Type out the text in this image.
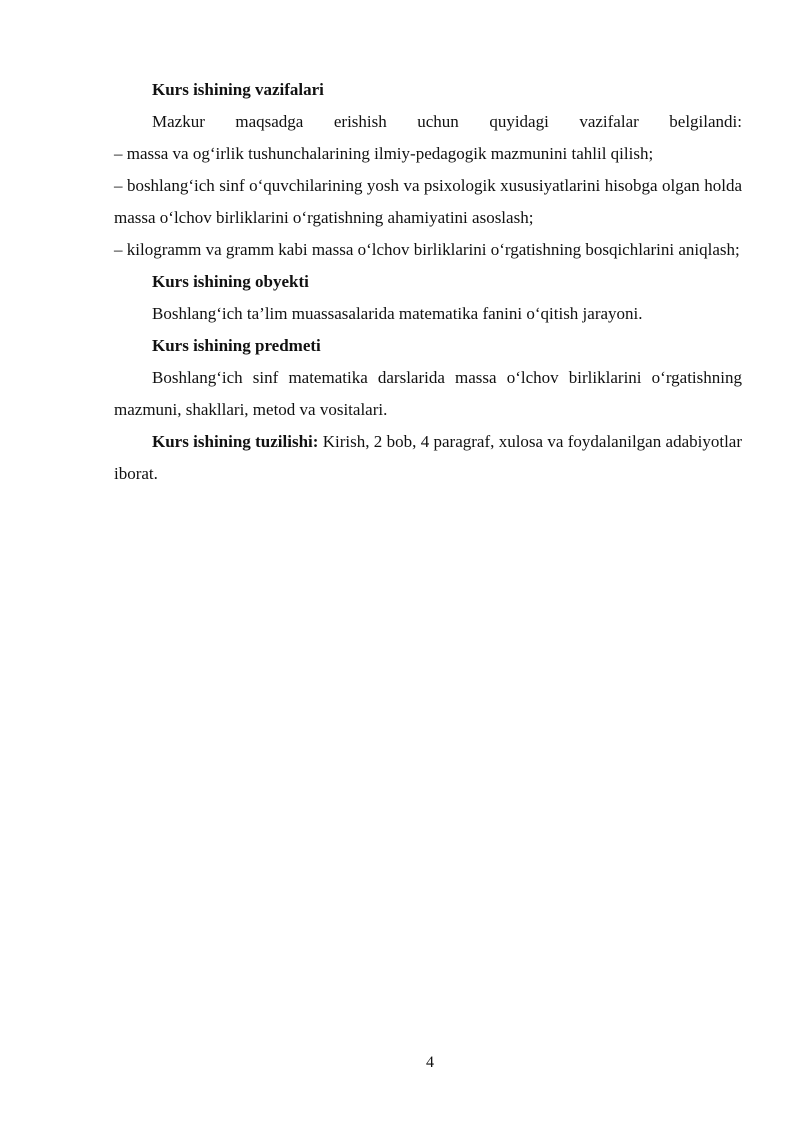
Kurs ishining vazifalari

Mazkur maqsadga erishish uchun quyidagi vazifalar belgilandi:

– massa va og‘irlik tushunchalarining ilmiy-pedagogik mazmunini tahlil qilish;

– boshlang‘ich sinf o‘quvchilarining yosh va psixologik xususiyatlarini hisobga olgan holda massa o‘lchov birliklarini o‘rgatishning ahamiyatini asoslash;

– kilogramm va gramm kabi massa o‘lchov birliklarini o‘rgatishning bosqichlarini aniqlash;

Kurs ishining obyekti

Boshlang‘ich ta’lim muassasalarida matematika fanini o‘qitish jarayoni.

Kurs ishining predmeti

Boshlang‘ich sinf matematika darslarida massa o‘lchov birliklarini o‘rgatishning mazmuni, shakllari, metod va vositalari.

Kurs ishining tuzilishi: Kirish, 2 bob, 4 paragraf, xulosa va foydalanilgan adabiyotlar iborat.

4
